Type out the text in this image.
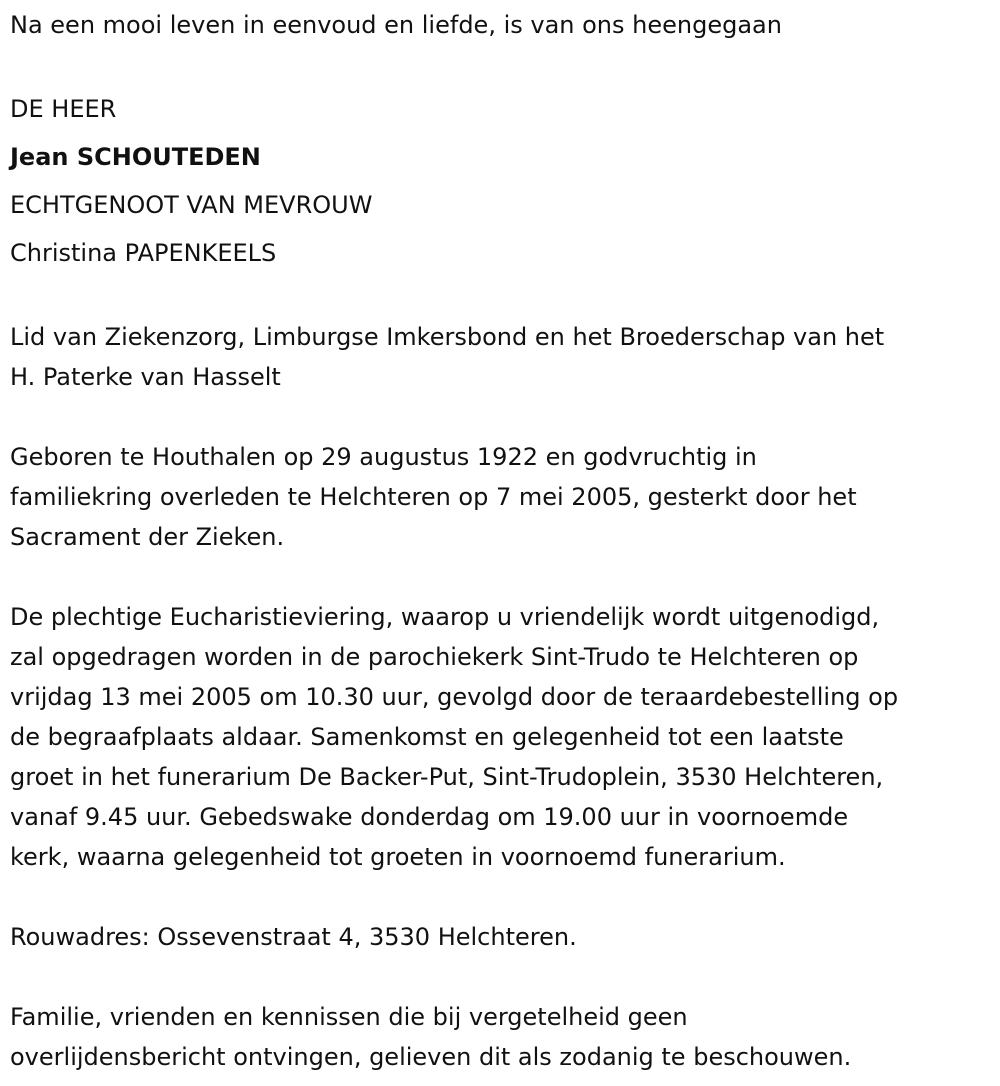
Na een mooi leven in eenvoud en liefde, is van ons heengegaan
DE HEER
Jean SCHOUTEDEN
ECHTGENOOT VAN MEVROUW
Christina PAPENKEELS
Lid van Ziekenzorg, Limburgse Imkersbond en het Broederschap van het
H. Paterke van Hasselt
Geboren te Houthalen op 29 augustus 1922 en godvruchtig in
familiekring overleden te Helchteren op 7 mei 2005, gesterkt door het
Sacrament der Zieken.
De plechtige Eucharistieviering, waarop u vriendelijk wordt uitgenodigd,
zal opgedragen worden in de parochiekerk Sint-Trudo te Helchteren op
vrijdag 13 mei 2005 om 10.30 uur, gevolgd door de teraardebestelling op
de begraafplaats aldaar. Samenkomst en gelegenheid tot een laatste
groet in het funerarium De Backer-Put, Sint-Trudoplein, 3530 Helchteren,
vanaf 9.45 uur. Gebedswake donderdag om 19.00 uur in voornoemde
kerk, waarna gelegenheid tot groeten in voornoemd funerarium.
Rouwadres: Ossevenstraat 4, 3530 Helchteren.
Familie, vrienden en kennissen die bij vergetelheid geen
overlijdensbericht ontvingen, gelieven dit als zodanig te beschouwen.
